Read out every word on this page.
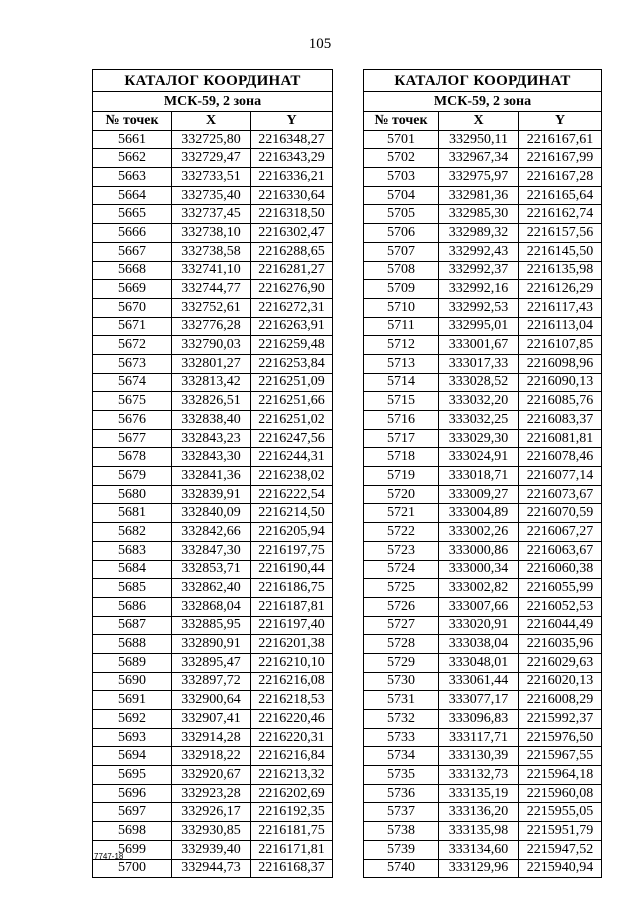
105
КАТАЛОГ КООРДИНАТ		
МСК-59, 2 зона		
№ точек	X	Y
5661	332725,80	2216348,27
5662	332729,47	2216343,29
5663	332733,51	2216336,21
5664	332735,40	2216330,64
5665	332737,45	2216318,50
5666	332738,10	2216302,47
5667	332738,58	2216288,65
5668	332741,10	2216281,27
5669	332744,77	2216276,90
5670	332752,61	2216272,31
5671	332776,28	2216263,91
5672	332790,03	2216259,48
5673	332801,27	2216253,84
5674	332813,42	2216251,09
5675	332826,51	2216251,66
5676	332838,40	2216251,02
5677	332843,23	2216247,56
5678	332843,30	2216244,31
5679	332841,36	2216238,02
5680	332839,91	2216222,54
5681	332840,09	2216214,50
5682	332842,66	2216205,94
5683	332847,30	2216197,75
5684	332853,71	2216190,44
5685	332862,40	2216186,75
5686	332868,04	2216187,81
5687	332885,95	2216197,40
5688	332890,91	2216201,38
5689	332895,47	2216210,10
5690	332897,72	2216216,08
5691	332900,64	2216218,53
5692	332907,41	2216220,46
5693	332914,28	2216220,31
5694	332918,22	2216216,84
5695	332920,67	2216213,32
5696	332923,28	2216202,69
5697	332926,17	2216192,35
5698	332930,85	2216181,75
5699	332939,40	2216171,81
5700	332944,73	2216168,37
КАТАЛОГ КООРДИНАТ		
МСК-59, 2 зона		
№ точек	X	Y
5701	332950,11	2216167,61
5702	332967,34	2216167,99
5703	332975,97	2216167,28
5704	332981,36	2216165,64
5705	332985,30	2216162,74
5706	332989,32	2216157,56
5707	332992,43	2216145,50
5708	332992,37	2216135,98
5709	332992,16	2216126,29
5710	332992,53	2216117,43
5711	332995,01	2216113,04
5712	333001,67	2216107,85
5713	333017,33	2216098,96
5714	333028,52	2216090,13
5715	333032,20	2216085,76
5716	333032,25	2216083,37
5717	333029,30	2216081,81
5718	333024,91	2216078,46
5719	333018,71	2216077,14
5720	333009,27	2216073,67
5721	333004,89	2216070,59
5722	333002,26	2216067,27
5723	333000,86	2216063,67
5724	333000,34	2216060,38
5725	333002,82	2216055,99
5726	333007,66	2216052,53
5727	333020,91	2216044,49
5728	333038,04	2216035,96
5729	333048,01	2216029,63
5730	333061,44	2216020,13
5731	333077,17	2216008,29
5732	333096,83	2215992,37
5733	333117,71	2215976,50
5734	333130,39	2215967,55
5735	333132,73	2215964,18
5736	333135,19	2215960,08
5737	333136,20	2215955,05
5738	333135,98	2215951,79
5739	333134,60	2215947,52
5740	333129,96	2215940,94
7747-18
